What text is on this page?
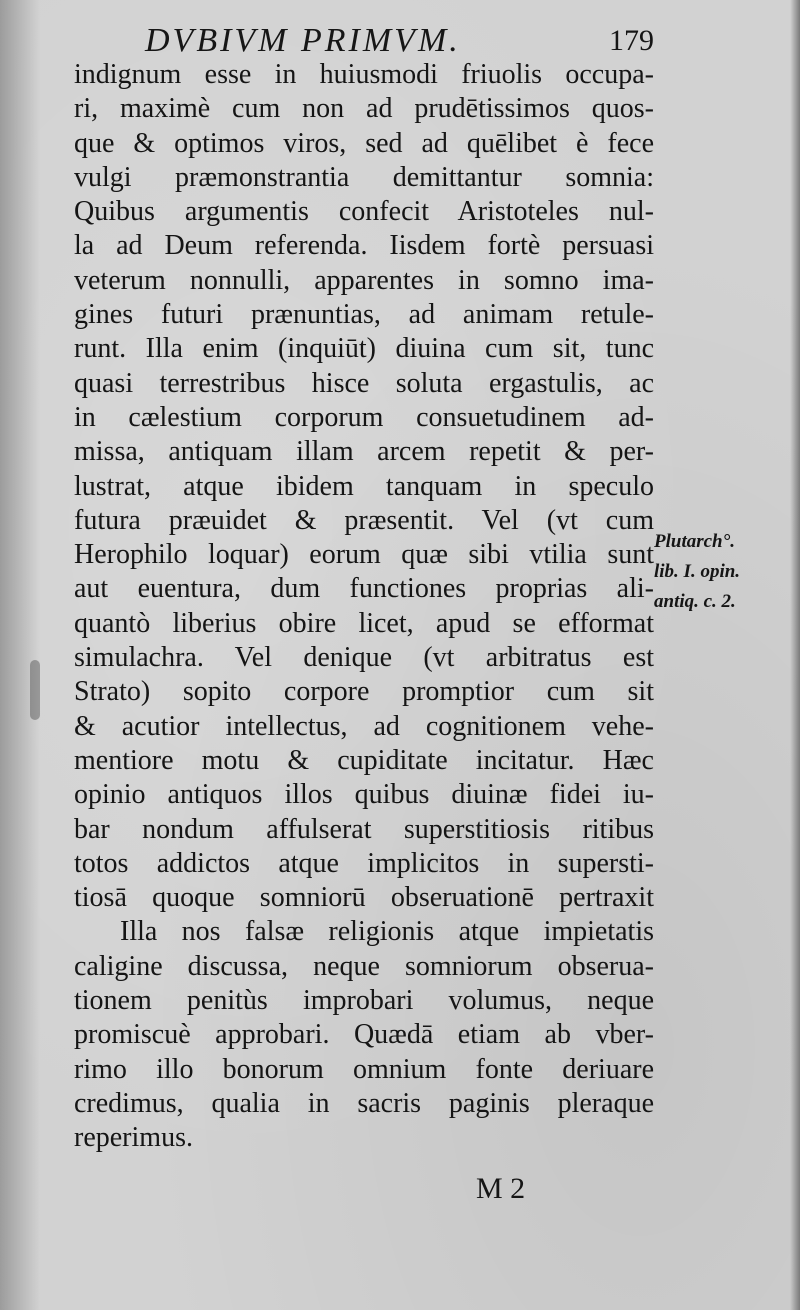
DVBIVM PRIMVM.	179
indignum esse in huiusmodi friuolis occupa-
ri, maximè cum non ad prudētissimos quos-
que & optimos viros, sed ad quēlibet è fece
vulgi præmonstrantia demittantur somnia:
Quibus argumentis confecit Aristoteles nul-
la ad Deum referenda. Iisdem fortè persuasi
veterum nonnulli, apparentes in somno ima-
gines futuri prænuntias, ad animam retule-
runt. Illa enim (inquiūt) diuina cum sit, tunc
quasi terrestribus hisce soluta ergastulis, ac
in cælestium corporum consuetudinem ad-
missa, antiquam illam arcem repetit & per-
lustrat, atque ibidem tanquam in speculo
futura præuidet & præsentit. Vel (vt cum
Herophilo loquar) eorum quæ sibi vtilia sunt
aut euentura, dum functiones proprias ali-
quantò liberius obire licet, apud se efformat
simulachra. Vel denique (vt arbitratus est
Strato) sopito corpore promptior cum sit
& acutior intellectus, ad cognitionem vehe-
mentiore motu & cupiditate incitatur. Hæc
opinio antiquos illos quibus diuinæ fidei iu-
bar nondum affulserat superstitiosis ritibus
totos addictos atque implicitos in supersti-
tiosā quoque somniorū obseruationē pertraxit
Illa nos falsæ religionis atque impietatis
caligine discussa, neque somniorum obserua-
tionem penitùs improbari volumus, neque
promiscuè approbari. Quædā etiam ab vber-
rimo illo bonorum omnium fonte deriuare
credimus, qualia in sacris paginis pleraque
reperimus.
Plutarch°.
lib. I. opin.
antiq. c. 2.
M 2
